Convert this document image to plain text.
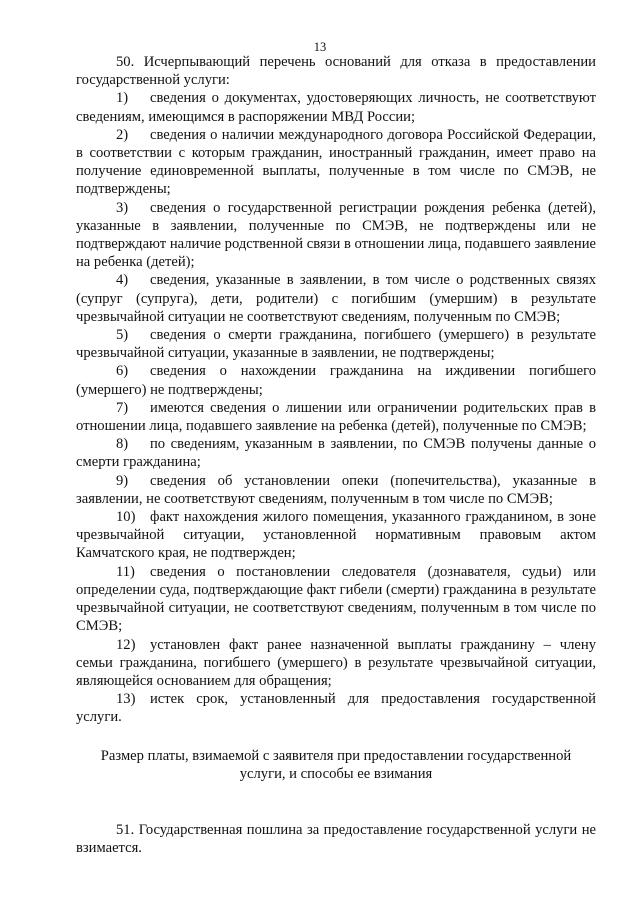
13

50. Исчерпывающий перечень оснований для отказа в предоставлении государственной услуги:

1) сведения о документах, удостоверяющих личность, не соответствуют сведениям, имеющимся в распоряжении МВД России;

2) сведения о наличии международного договора Российской Федерации, в соответствии с которым гражданин, иностранный гражданин, имеет право на получение единовременной выплаты, полученные в том числе по СМЭВ, не подтверждены;

3) сведения о государственной регистрации рождения ребенка (детей), указанные в заявлении, полученные по СМЭВ, не подтверждены или не подтверждают наличие родственной связи в отношении лица, подавшего заявление на ребенка (детей);

4) сведения, указанные в заявлении, в том числе о родственных связях (супруг (супруга), дети, родители) с погибшим (умершим) в результате чрезвычайной ситуации не соответствуют сведениям, полученным по СМЭВ;

5) сведения о смерти гражданина, погибшего (умершего) в результате чрезвычайной ситуации, указанные в заявлении, не подтверждены;

6) сведения о нахождении гражданина на иждивении погибшего (умершего) не подтверждены;

7) имеются сведения о лишении или ограничении родительских прав в отношении лица, подавшего заявление на ребенка (детей), полученные по СМЭВ;

8) по сведениям, указанным в заявлении, по СМЭВ получены данные о смерти гражданина;

9) сведения об установлении опеки (попечительства), указанные в заявлении, не соответствуют сведениям, полученным в том числе по СМЭВ;

10) факт нахождения жилого помещения, указанного гражданином, в зоне чрезвычайной ситуации, установленной нормативным правовым актом Камчатского края, не подтвержден;

11) сведения о постановлении следователя (дознавателя, судьи) или определении суда, подтверждающие факт гибели (смерти) гражданина в результате чрезвычайной ситуации, не соответствуют сведениям, полученным в том числе по СМЭВ;

12) установлен факт ранее назначенной выплаты гражданину – члену семьи гражданина, погибшего (умершего) в результате чрезвычайной ситуации, являющейся основанием для обращения;

13) истек срок, установленный для предоставления государственной услуги.

Размер платы, взимаемой с заявителя при предоставлении государственной услуги, и способы ее взимания

51. Государственная пошлина за предоставление государственной услуги не взимается.
